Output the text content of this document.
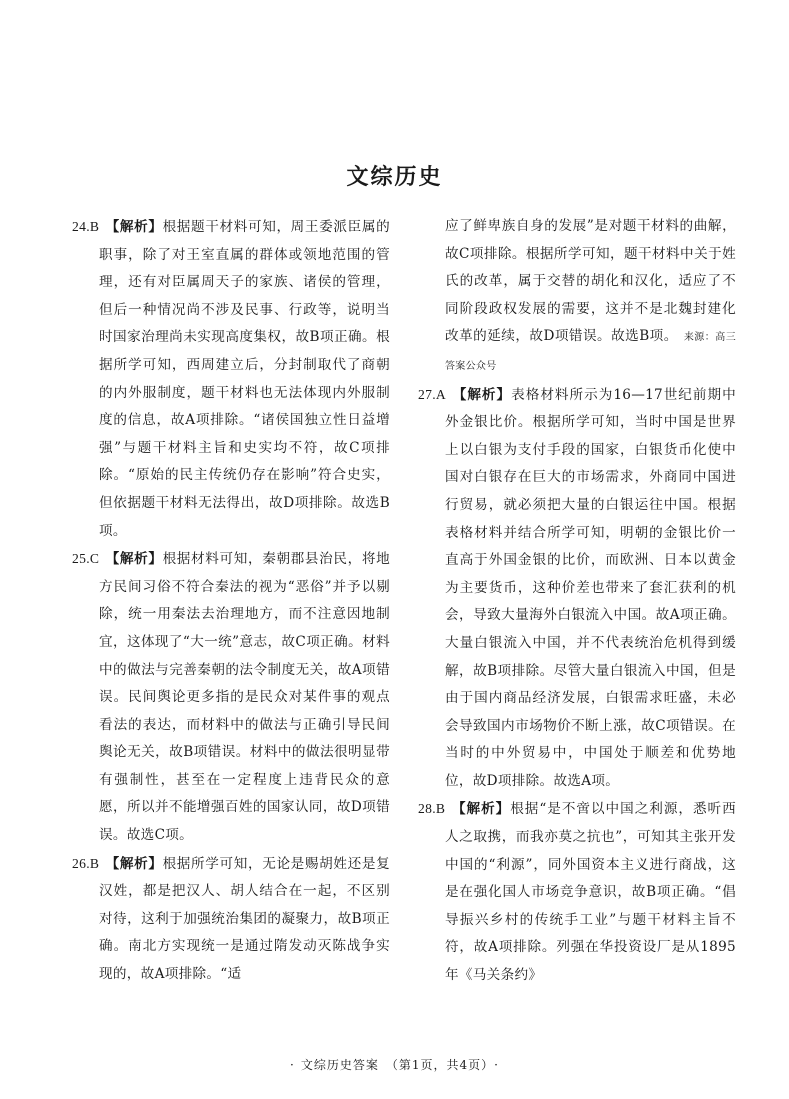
文综历史

24.B 【解析】根据题干材料可知，周王委派臣属的职事，除了对王室直属的群体或领地范围的管理，还有对臣属周天子的家族、诸侯的管理，但后一种情况尚不涉及民事、行政等，说明当时国家治理尚未实现高度集权，故B项正确。根据所学可知，西周建立后，分封制取代了商朝的内外服制度，题干材料也无法体现内外服制度的信息，故A项排除。“诸侯国独立性日益增强”与题干材料主旨和史实均不符，故C项排除。“原始的民主传统仍存在影响”符合史实，但依据题干材料无法得出，故D项排除。故选B项。

25.C 【解析】根据材料可知，秦朝郡县治民，将地方民间习俗不符合秦法的视为“恶俗”并予以剔除，统一用秦法去治理地方，而不注意因地制宜，这体现了“大一统”意志，故C项正确。材料中的做法与完善秦朝的法令制度无关，故A项错误。民间舆论更多指的是民众对某件事的观点看法的表达，而材料中的做法与正确引导民间舆论无关，故B项错误。材料中的做法很明显带有强制性，甚至在一定程度上违背民众的意愿，所以并不能增强百姓的国家认同，故D项错误。故选C项。

26.B 【解析】根据所学可知，无论是赐胡姓还是复汉姓，都是把汉人、胡人结合在一起，不区别对待，这利于加强统治集团的凝聚力，故B项正确。南北方实现统一是通过隋发动灭陈战争实现的，故A项排除。“适

应了鲜卑族自身的发展”是对题干材料的曲解，故C项排除。根据所学可知，题干材料中关于姓氏的改革，属于交替的胡化和汉化，适应了不同阶段政权发展的需要，这并不是北魏封建化改革的延续，故D项错误。故选B项。 来源：高三答案公众号

27.A 【解析】表格材料所示为16—17世纪前期中外金银比价。根据所学可知，当时中国是世界上以白银为支付手段的国家，白银货币化使中国对白银存在巨大的市场需求，外商同中国进行贸易，就必须把大量的白银运往中国。根据表格材料并结合所学可知，明朝的金银比价一直高于外国金银的比价，而欧洲、日本以黄金为主要货币，这种价差也带来了套汇获利的机会，导致大量海外白银流入中国。故A项正确。大量白银流入中国，并不代表统治危机得到缓解，故B项排除。尽管大量白银流入中国，但是由于国内商品经济发展，白银需求旺盛，未必会导致国内市场物价不断上涨，故C项错误。在当时的中外贸易中，中国处于顺差和优势地位，故D项排除。故选A项。

28.B 【解析】根据“是不啻以中国之利源，悉听西人之取携，而我亦莫之抗也”，可知其主张开发中国的“利源”，同外国资本主义进行商战，这是在强化国人市场竞争意识，故B项正确。“倡导振兴乡村的传统手工业”与题干材料主旨不符，故A项排除。列强在华投资设厂是从1895年《马关条约》

· 文综历史答案　（第1页，共4页） ·
